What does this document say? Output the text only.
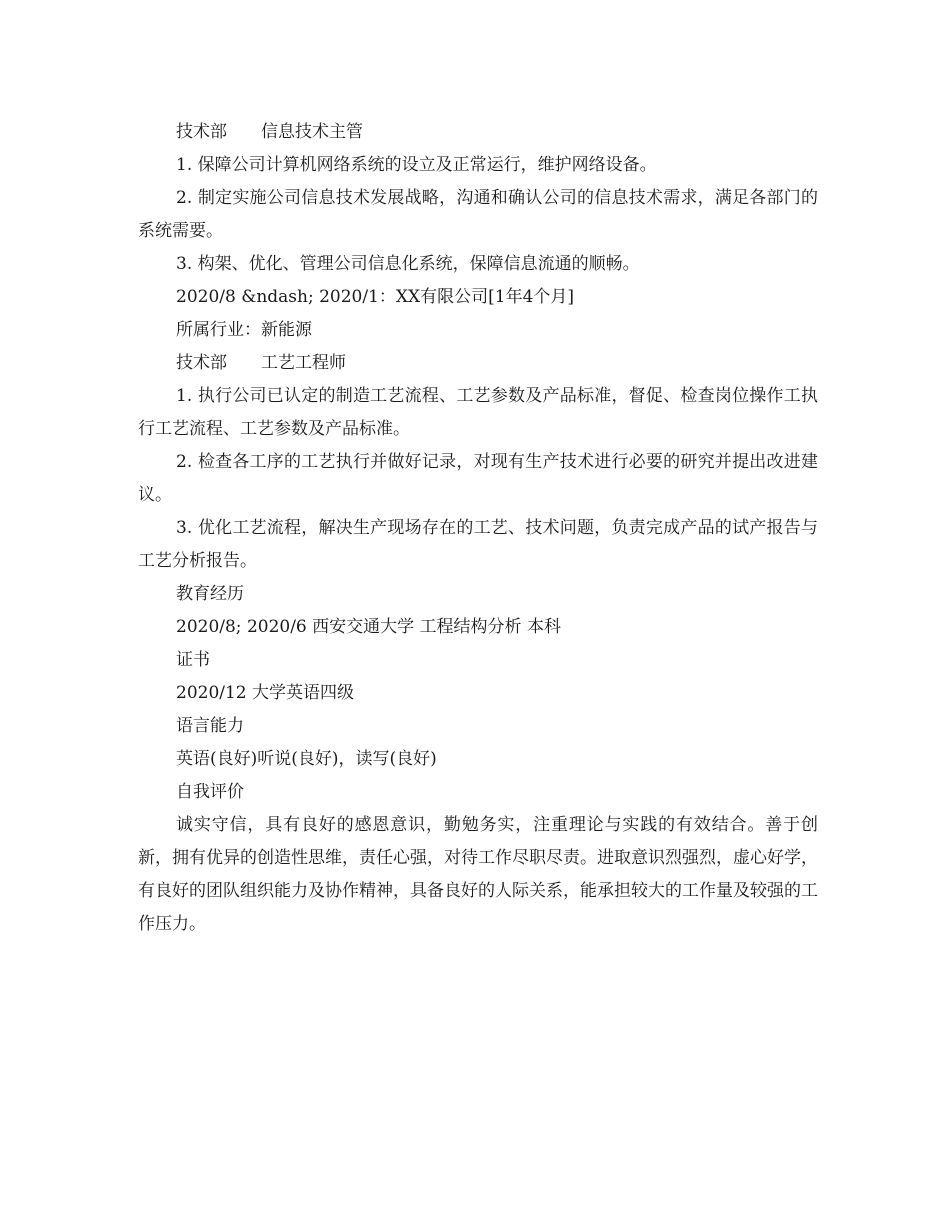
技术部　　信息技术主管

1. 保障公司计算机网络系统的设立及正常运行，维护网络设备。

2. 制定实施公司信息技术发展战略，沟通和确认公司的信息技术需求，满足各部门的系统需要。

3. 构架、优化、管理公司信息化系统，保障信息流通的顺畅。

2020/8 &ndash; 2020/1：XX有限公司[1年4个月]

所属行业：新能源

技术部　　工艺工程师

1. 执行公司已认定的制造工艺流程、工艺参数及产品标准，督促、检查岗位操作工执行工艺流程、工艺参数及产品标准。

2. 检查各工序的工艺执行并做好记录，对现有生产技术进行必要的研究并提出改进建议。

3. 优化工艺流程，解决生产现场存在的工艺、技术问题，负责完成产品的试产报告与工艺分析报告。

教育经历

2020/8; 2020/6 西安交通大学 工程结构分析 本科

证书

2020/12 大学英语四级

语言能力

英语(良好)听说(良好)，读写(良好)

自我评价

诚实守信，具有良好的感恩意识，勤勉务实，注重理论与实践的有效结合。善于创新，拥有优异的创造性思维，责任心强，对待工作尽职尽责。进取意识烈强烈，虚心好学，有良好的团队组织能力及协作精神，具备良好的人际关系，能承担较大的工作量及较强的工作压力。
